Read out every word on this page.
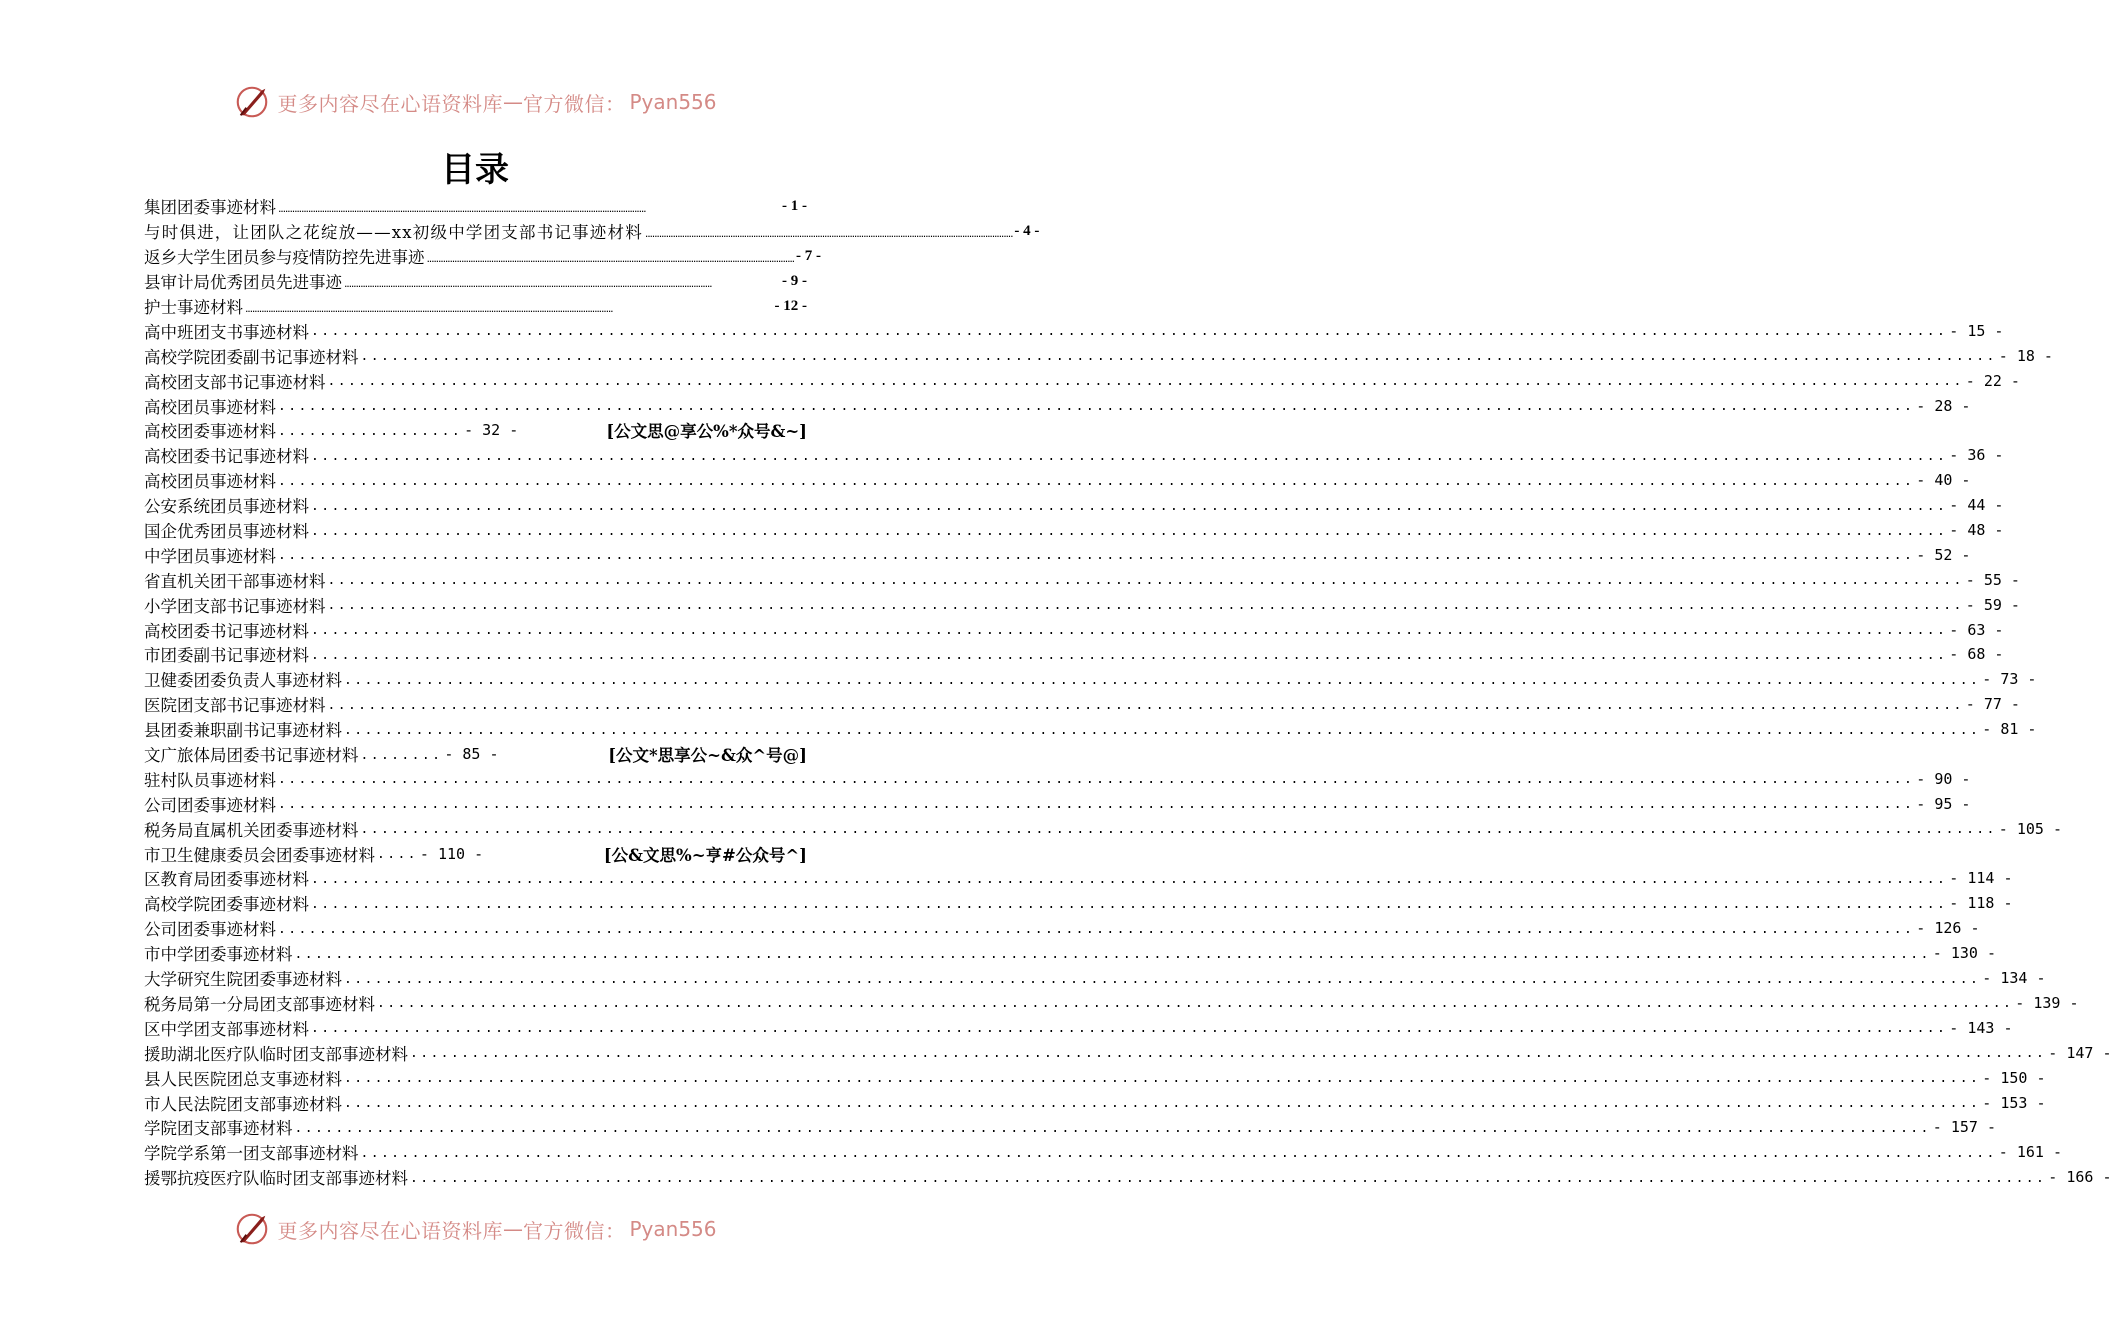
更多内容尽在心语资料库 — 官方微信： Pyan556
目录
集团团委事迹材料 ................................................................................................................................................................	- 1 -
与时俱进，让团队之花绽放——xx初级中学团支部书记事迹材料 ................................................................................................................................................................ - 4 -
返乡大学生团员参与疫情防控先进事迹 ................................................................................................................................................................ - 7 -
县审计局优秀团员先进事迹 ................................................................................................................................................................	- 9 -
护士事迹材料 ................................................................................................................................................................	- 12 -
高中班团支书事迹材料 ................................................................................................................................................................ - 15 -
高校学院团委副书记事迹材料 ................................................................................................................................................................ - 18 -
高校团支部书记事迹材料 ................................................................................................................................................................ - 22 -
高校团员事迹材料 ................................................................................................................................................................ - 28 -
高校团委事迹材料 .................. - 32 -	[公文思@享公%*众号&~]
高校团委书记事迹材料 ................................................................................................................................................................ - 36 -
高校团员事迹材料 ................................................................................................................................................................ - 40 -
公安系统团员事迹材料 ................................................................................................................................................................ - 44 -
国企优秀团员事迹材料 ................................................................................................................................................................ - 48 -
中学团员事迹材料 ................................................................................................................................................................ - 52 -
省直机关团干部事迹材料 ................................................................................................................................................................ - 55 -
小学团支部书记事迹材料 ................................................................................................................................................................ - 59 -
高校团委书记事迹材料 ................................................................................................................................................................ - 63 -
市团委副书记事迹材料 ................................................................................................................................................................ - 68 -
卫健委团委负责人事迹材料 ................................................................................................................................................................ - 73 -
医院团支部书记事迹材料 ................................................................................................................................................................ - 77 -
县团委兼职副书记事迹材料 ................................................................................................................................................................ - 81 -
文广旅体局团委书记事迹材料 ........ - 85 -	[公文*思享公~&众^号@]
驻村队员事迹材料 ................................................................................................................................................................ - 90 -
公司团委事迹材料 ................................................................................................................................................................ - 95 -
税务局直属机关团委事迹材料 ................................................................................................................................................................ - 105 -
市卫生健康委员会团委事迹材料 .... - 110 -	[公&文思%~亨#公众号^]
区教育局团委事迹材料 ................................................................................................................................................................ - 114 -
高校学院团委事迹材料 ................................................................................................................................................................ - 118 -
公司团委事迹材料 ................................................................................................................................................................ - 126 -
市中学团委事迹材料 ................................................................................................................................................................ - 130 -
大学研究生院团委事迹材料 ................................................................................................................................................................ - 134 -
税务局第一分局团支部事迹材料 ................................................................................................................................................................ - 139 -
区中学团支部事迹材料 ................................................................................................................................................................ - 143 -
援助湖北医疗队临时团支部事迹材料 ................................................................................................................................................................ - 147 -
县人民医院团总支事迹材料 ................................................................................................................................................................ - 150 -
市人民法院团支部事迹材料 ................................................................................................................................................................ - 153 -
学院团支部事迹材料 ................................................................................................................................................................ - 157 -
学院学系第一团支部事迹材料 ................................................................................................................................................................ - 161 -
援鄂抗疫医疗队临时团支部事迹材料 ................................................................................................................................................................ - 166 -
更多内容尽在心语资料库 — 官方微信： Pyan556
